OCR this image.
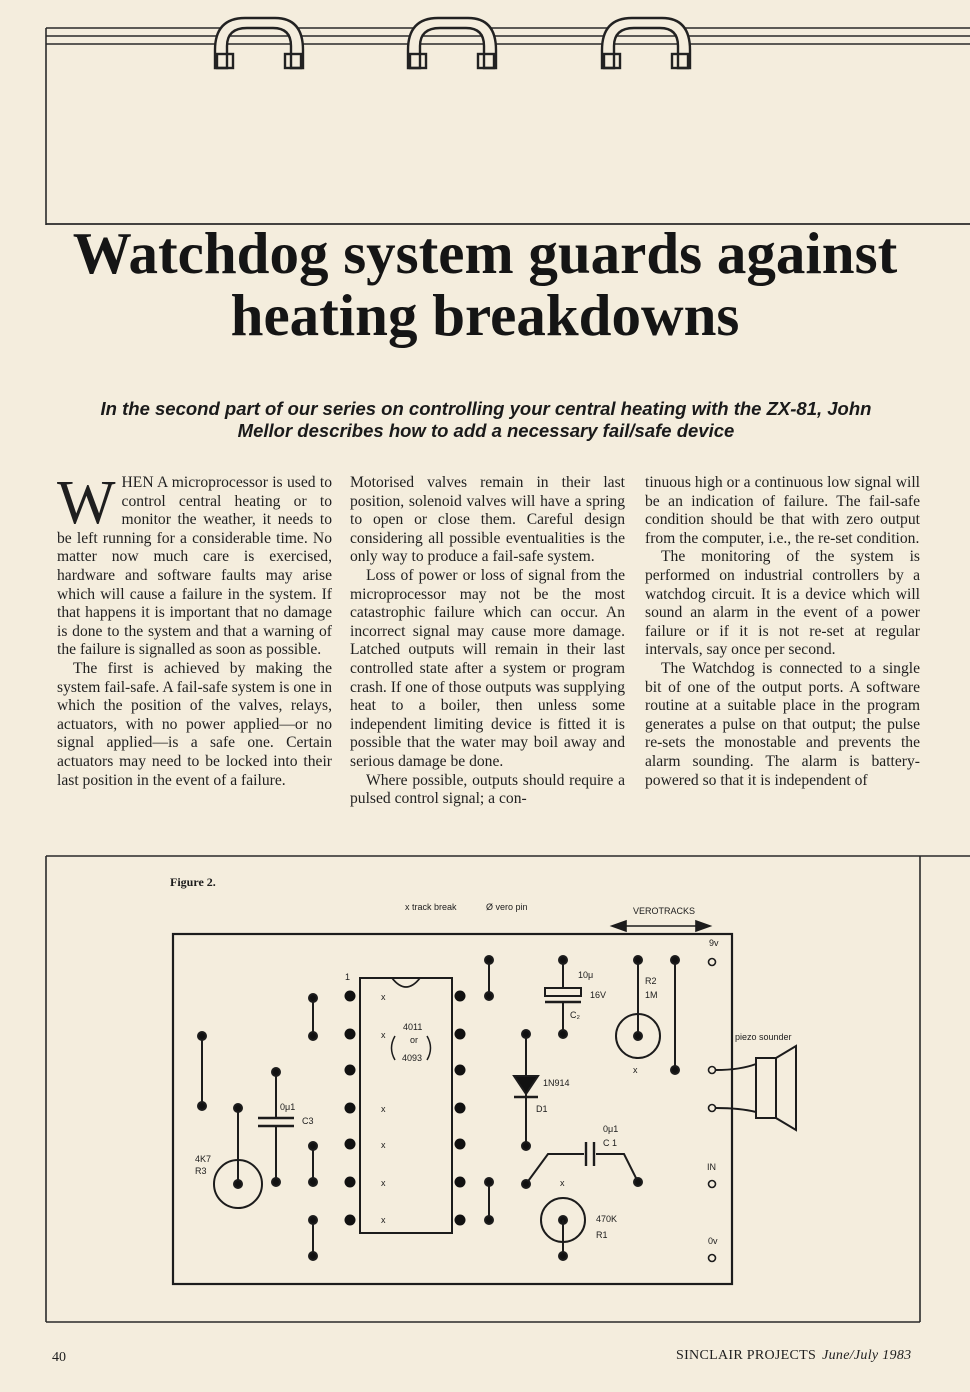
Watchdog system guards against
heating breakdowns

In the second part of our series on controlling your central heating with the ZX-81, John
Mellor describes how to add a necessary fail/safe device

WHEN A microprocessor is used to control central heating or to monitor the weather, it needs to be left running for a considerable time. No matter now much care is exercised, hardware and software faults may arise which will cause a failure in the system. If that happens it is important that no damage is done to the system and that a warning of the failure is signalled as soon as possible.

The first is achieved by making the system fail-safe. A fail-safe system is one in which the position of the valves, relays, actuators, with no power applied—or no signal applied—is a safe one. Certain actuators may need to be locked into their last position in the event of a failure.

Motorised valves remain in their last position, solenoid valves will have a spring to open or close them. Careful design considering all possible eventualities is the only way to produce a fail-safe system.

Loss of power or loss of signal from the microprocessor may not be the most catastrophic failure which can occur. An incorrect signal may cause more damage. Latched outputs will remain in their last controlled state after a system or program crash. If one of those outputs was supplying heat to a boiler, then unless some independent limiting device is fitted it is possible that the water may boil away and serious damage be done.

Where possible, outputs should require a pulsed control signal; a con-

tinuous high or a continuous low signal will be an indication of failure. The fail-safe condition should be that with zero output from the computer, i.e., the re-set condition.

The monitoring of the system is performed on industrial controllers by a watchdog circuit. It is a device which will sound an alarm in the event of a power failure or if it is not re-set at regular intervals, say once per second.

The Watchdog is connected to a single bit of one of the output ports. A software routine at a suitable place in the program generates a pulse on that output; the pulse re-sets the monostable and prevents the alarm sounding. The alarm is battery-powered so that it is independent of

Figure 2.
x track break	Ø vero pin	VEROTRACKS
1
4011
or
4093
x
x
x
x
x
x
x
x
0μ1
C3
4K7
R3
10μ
16V
C₂
R2
1M
1N914
D1
0μ1
C 1
470K
R1
9v
IN
0v
piezo sounder
40	SINCLAIR PROJECTS June/July 1983
